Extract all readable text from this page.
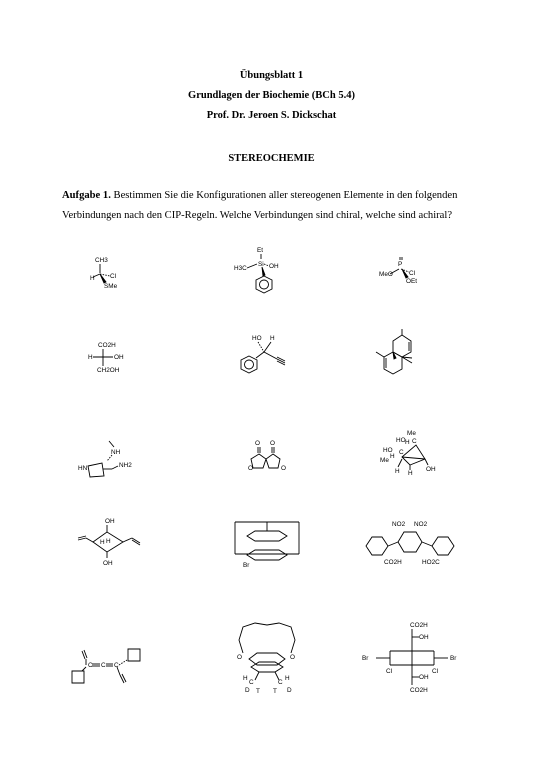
Übungsblatt 1
Grundlagen der Biochemie (BCh 5.4)
Prof. Dr. Jeroen S. Dickschat
STEREOCHEMIE
Aufgabe 1. Bestimmen Sie die Konfigurationen aller stereogenen Elemente in den folgenden Verbindungen nach den CIP-Regeln. Welche Verbindungen sind chiral, welche sind achiral?
CH3
Cl
H
SMe
Et
Si
H3C	OH	P
MeO	Cl
OEt
CO2H
H	OH
CH2OH
HO H
NH
HN	NH2
O O
O	O
Me
HO C
H
HO
H
C
Me
H H
OH
OH
H H
OH	Br
NO2 NO2
CO2H	HO2C
C C C
O	O
C	C
H	H
D T T D
CO2H
OH
Br	Br
Cl	Cl
OH
CO2H
